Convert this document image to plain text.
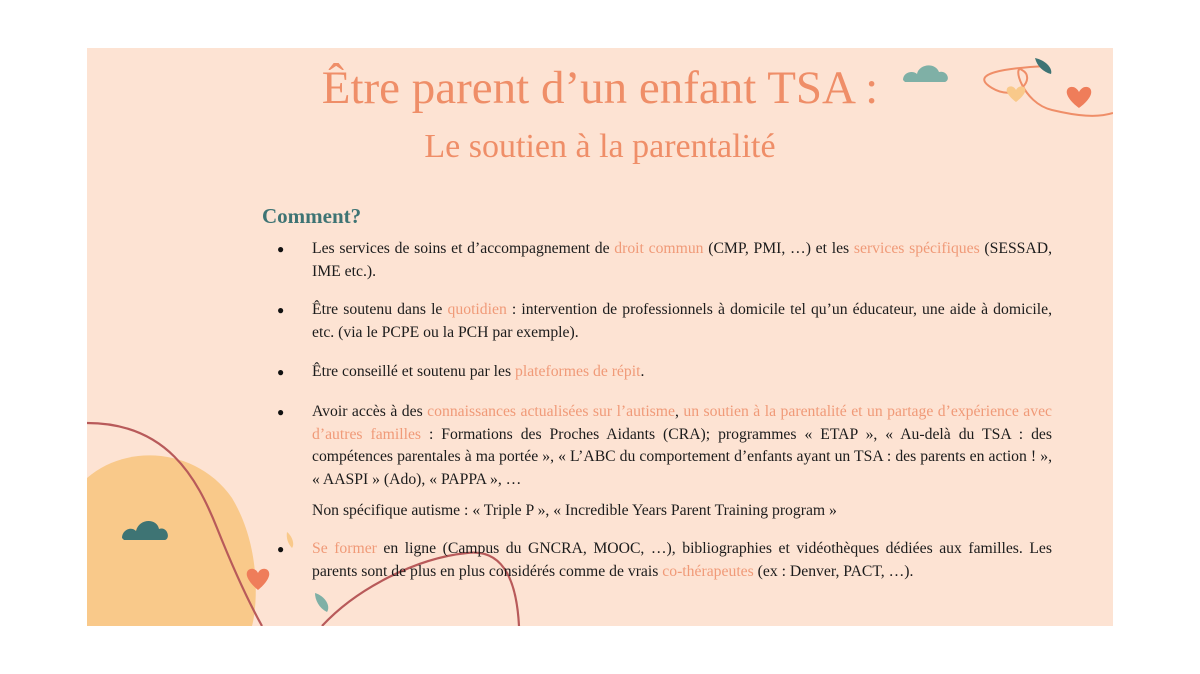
Être parent d’un enfant TSA :
Le soutien à la parentalité
Comment?
● Les services de soins et d’accompagnement de droit commun (CMP, PMI, …) et les services spécifiques (SESSAD, IME etc.).
● Être soutenu dans le quotidien : intervention de professionnels à domicile tel qu’un éducateur, une aide à domicile, etc. (via le PCPE ou la PCH par exemple).
● Être conseillé et soutenu par les plateformes de répit.
● Avoir accès à des connaissances actualisées sur l’autisme, un soutien à la parentalité et un partage d’expérience avec d’autres familles : Formations des Proches Aidants (CRA); programmes « ETAP », « Au-delà du TSA : des compétences parentales à ma portée », « L’ABC du comportement d’enfants ayant un TSA : des parents en action ! », « AASPI » (Ado), « PAPPA », …
Non spécifique autisme : « Triple P », « Incredible Years Parent Training program »
● Se former en ligne (Campus du GNCRA, MOOC, …), bibliographies et vidéothèques dédiées aux familles. Les parents sont de plus en plus considérés comme de vrais co-thérapeutes (ex : Denver, PACT, …).
